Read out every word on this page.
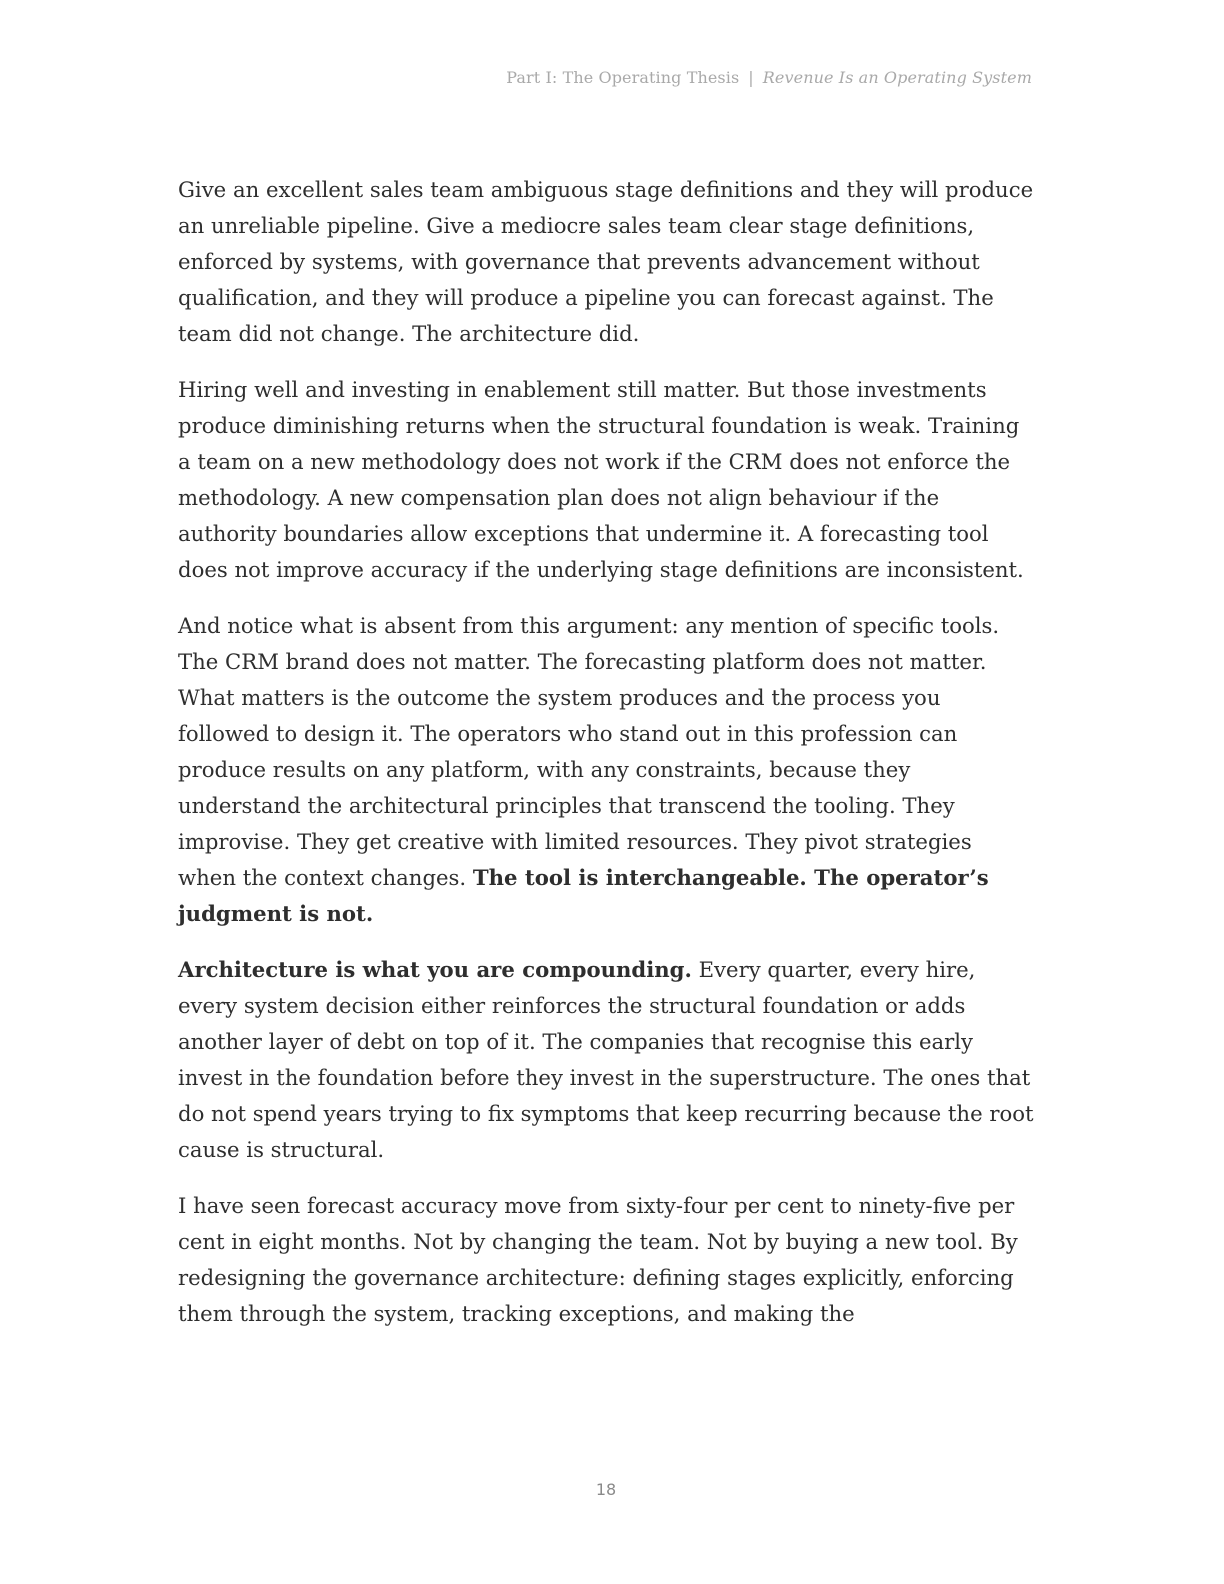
Part I: The Operating Thesis | Revenue Is an Operating System

Give an excellent sales team ambiguous stage definitions and they will produce an unreliable pipeline. Give a mediocre sales team clear stage definitions, enforced by systems, with governance that prevents advancement without qualification, and they will produce a pipeline you can forecast against. The team did not change. The architecture did.

Hiring well and investing in enablement still matter. But those investments produce diminishing returns when the structural foundation is weak. Training a team on a new methodology does not work if the CRM does not enforce the methodology. A new compensation plan does not align behaviour if the authority boundaries allow exceptions that undermine it. A forecasting tool does not improve accuracy if the underlying stage definitions are inconsistent.

And notice what is absent from this argument: any mention of specific tools. The CRM brand does not matter. The forecasting platform does not matter. What matters is the outcome the system produces and the process you followed to design it. The operators who stand out in this profession can produce results on any platform, with any constraints, because they understand the architectural principles that transcend the tooling. They improvise. They get creative with limited resources. They pivot strategies when the context changes. The tool is interchangeable. The operator’s judgment is not.

Architecture is what you are compounding. Every quarter, every hire, every system decision either reinforces the structural foundation or adds another layer of debt on top of it. The companies that recognise this early invest in the foundation before they invest in the superstructure. The ones that do not spend years trying to fix symptoms that keep recurring because the root cause is structural.

I have seen forecast accuracy move from sixty-four per cent to ninety-five per cent in eight months. Not by changing the team. Not by buying a new tool. By redesigning the governance architecture: defining stages explicitly, enforcing them through the system, tracking exceptions, and making the

18
